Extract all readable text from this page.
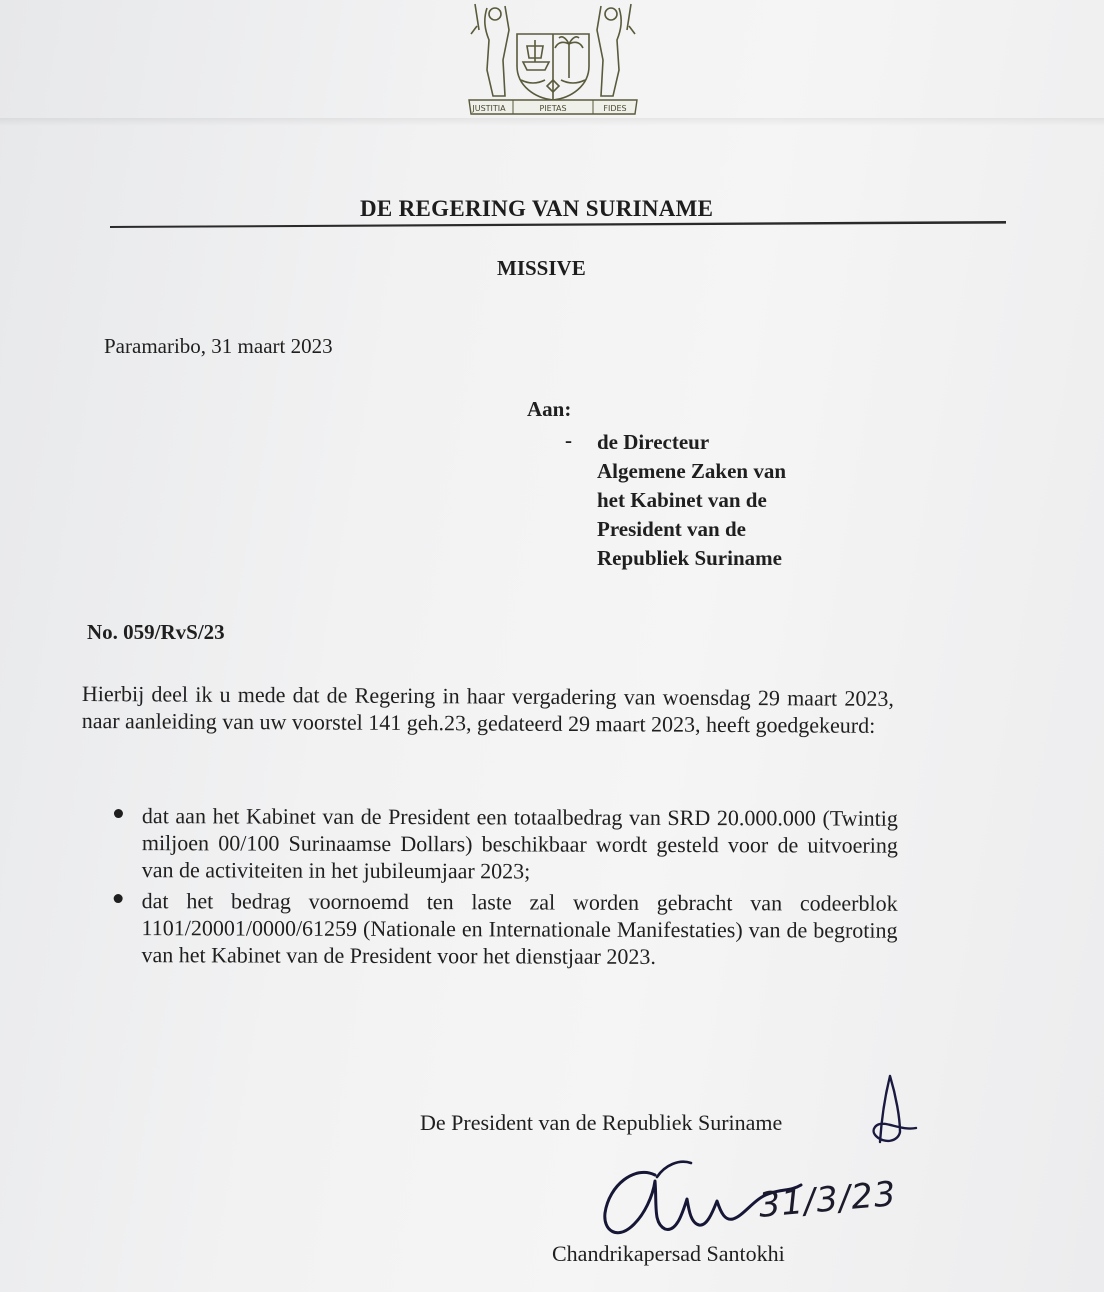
JUSTITIA	PIETAS	FIDES
DE REGERING VAN SURINAME
MISSIVE
Paramaribo, 31 maart 2023
Aan:
- de Directeur
Algemene Zaken van
het Kabinet van de
President van de
Republiek Suriname
No. 059/RvS/23
Hierbij deel ik u mede dat de Regering in haar vergadering van woensdag 29 maart 2023, naar aanleiding van uw voorstel 141 geh.23, gedateerd 29 maart 2023, heeft goedgekeurd:
dat aan het Kabinet van de President een totaalbedrag van SRD 20.000.000 (Twintig miljoen 00/100 Surinaamse Dollars) beschikbaar wordt gesteld voor de uitvoering van de activiteiten in het jubileumjaar 2023;
dat het bedrag voornoemd ten laste zal worden gebracht van codeerblok 1101/20001/0000/61259 (Nationale en Internationale Manifestaties) van de begroting van het Kabinet van de President voor het dienstjaar 2023.
De President van de Republiek Suriname
31/3/23
Chandrikapersad Santokhi
